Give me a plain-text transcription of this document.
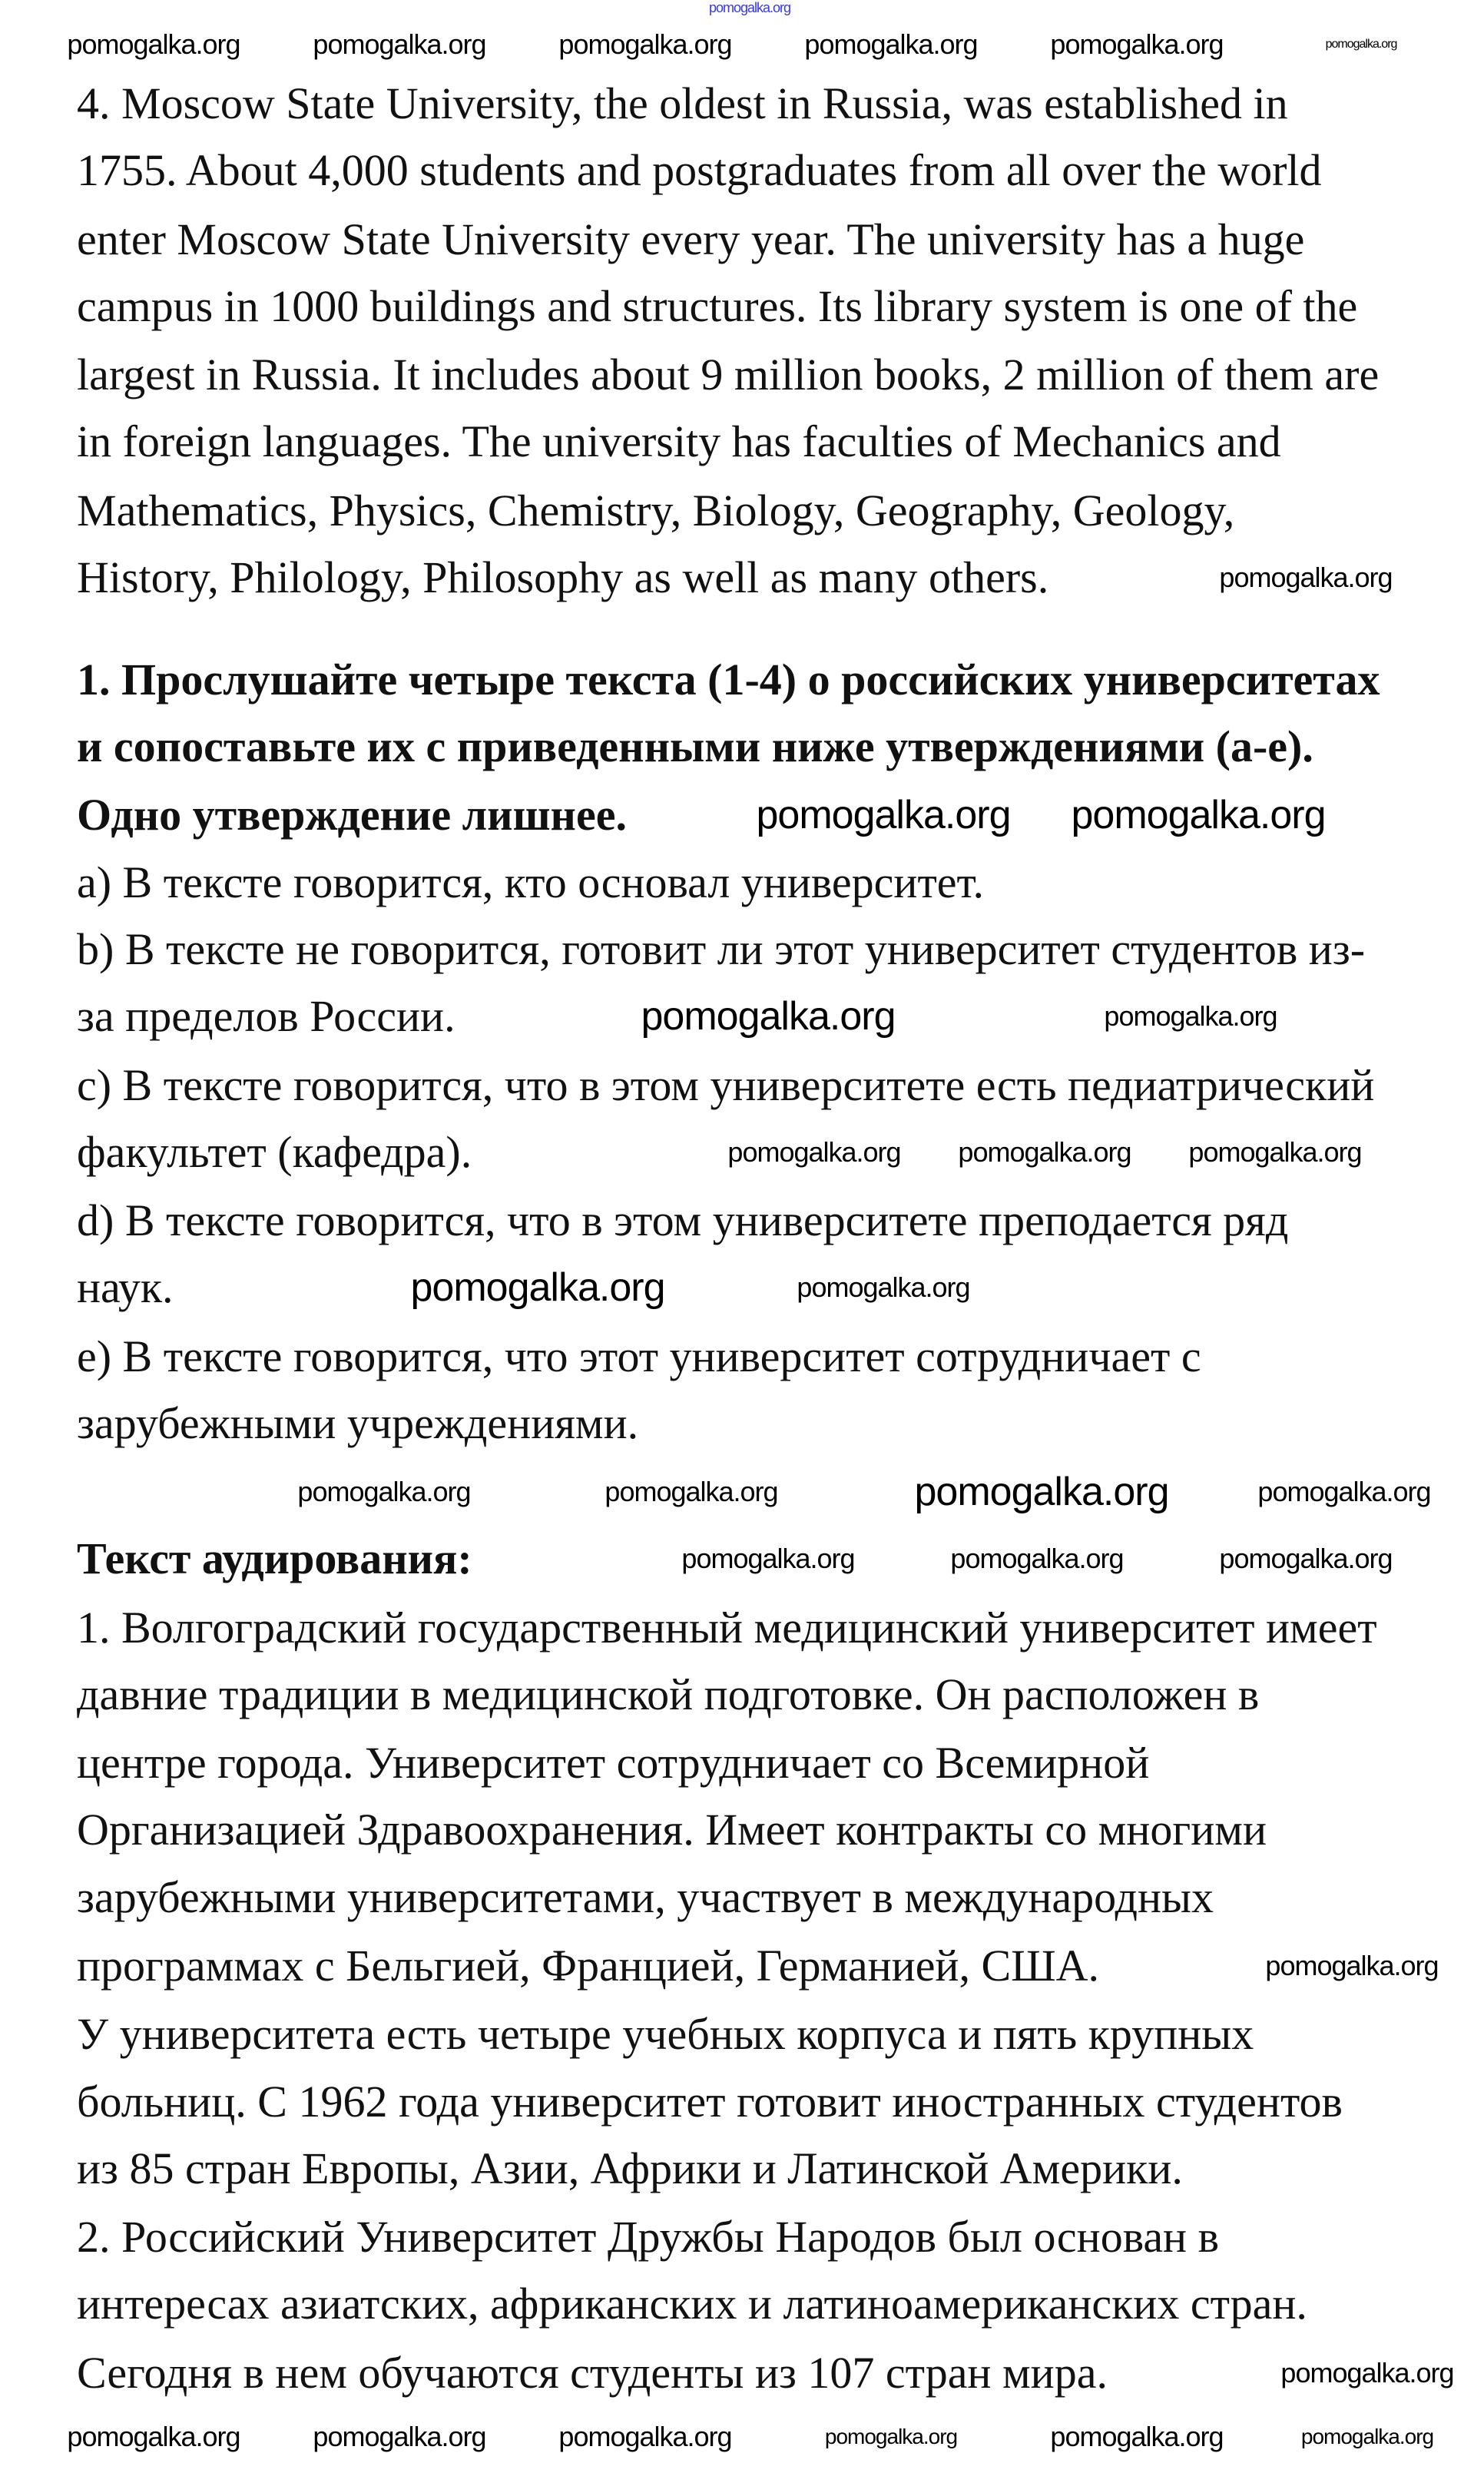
4. Moscow State University, the oldest in Russia, was established in
1755. About 4,000 students and postgraduates from all over the world
enter Moscow State University every year. The university has a huge
campus in 1000 buildings and structures. Its library system is one of the
largest in Russia. It includes about 9 million books, 2 million of them are
in foreign languages. The university has faculties of Mechanics and
Mathematics, Physics, Chemistry, Biology, Geography, Geology,
History, Philology, Philosophy as well as many others.
1. Прослушайте четыре текста (1-4) о российских университетах
и сопоставьте их с приведенными ниже утверждениями (a-e).
Одно утверждение лишнее.
a) В тексте говорится, кто основал университет.
b) В тексте не говорится, готовит ли этот университет студентов из-
за пределов России.
c) В тексте говорится, что в этом университете есть педиатрический
факультет (кафедра).
d) В тексте говорится, что в этом университете преподается ряд
наук.
e) В тексте говорится, что этот университет сотрудничает с
зарубежными учреждениями.
Текст аудирования:
1. Волгоградский государственный медицинский университет имеет
давние традиции в медицинской подготовке. Он расположен в
центре города. Университет сотрудничает со Всемирной
Организацией Здравоохранения. Имеет контракты со многими
зарубежными университетами, участвует в международных
программах с Бельгией, Францией, Германией, США.
У университета есть четыре учебных корпуса и пять крупных
больниц. С 1962 года университет готовит иностранных студентов
из 85 стран Европы, Азии, Африки и Латинской Америки.
2. Российский Университет Дружбы Народов был основан в
интересах азиатских, африканских и латиноамериканских стран.
Сегодня в нем обучаются студенты из 107 стран мира.
pomogalka.org
pomogalka.org	pomogalka.org	pomogalka.org	pomogalka.org	pomogalka.org	pomogalka.org
pomogalka.org
pomogalka.org pomogalka.org
pomogalka.org	pomogalka.org
pomogalka.org pomogalka.org pomogalka.org
pomogalka.org	pomogalka.org
pomogalka.org	pomogalka.org	pomogalka.org	pomogalka.org
pomogalka.org	pomogalka.org	pomogalka.org
pomogalka.org
pomogalka.org
pomogalka.org	pomogalka.org	pomogalka.org	pomogalka.org	pomogalka.org	pomogalka.org
